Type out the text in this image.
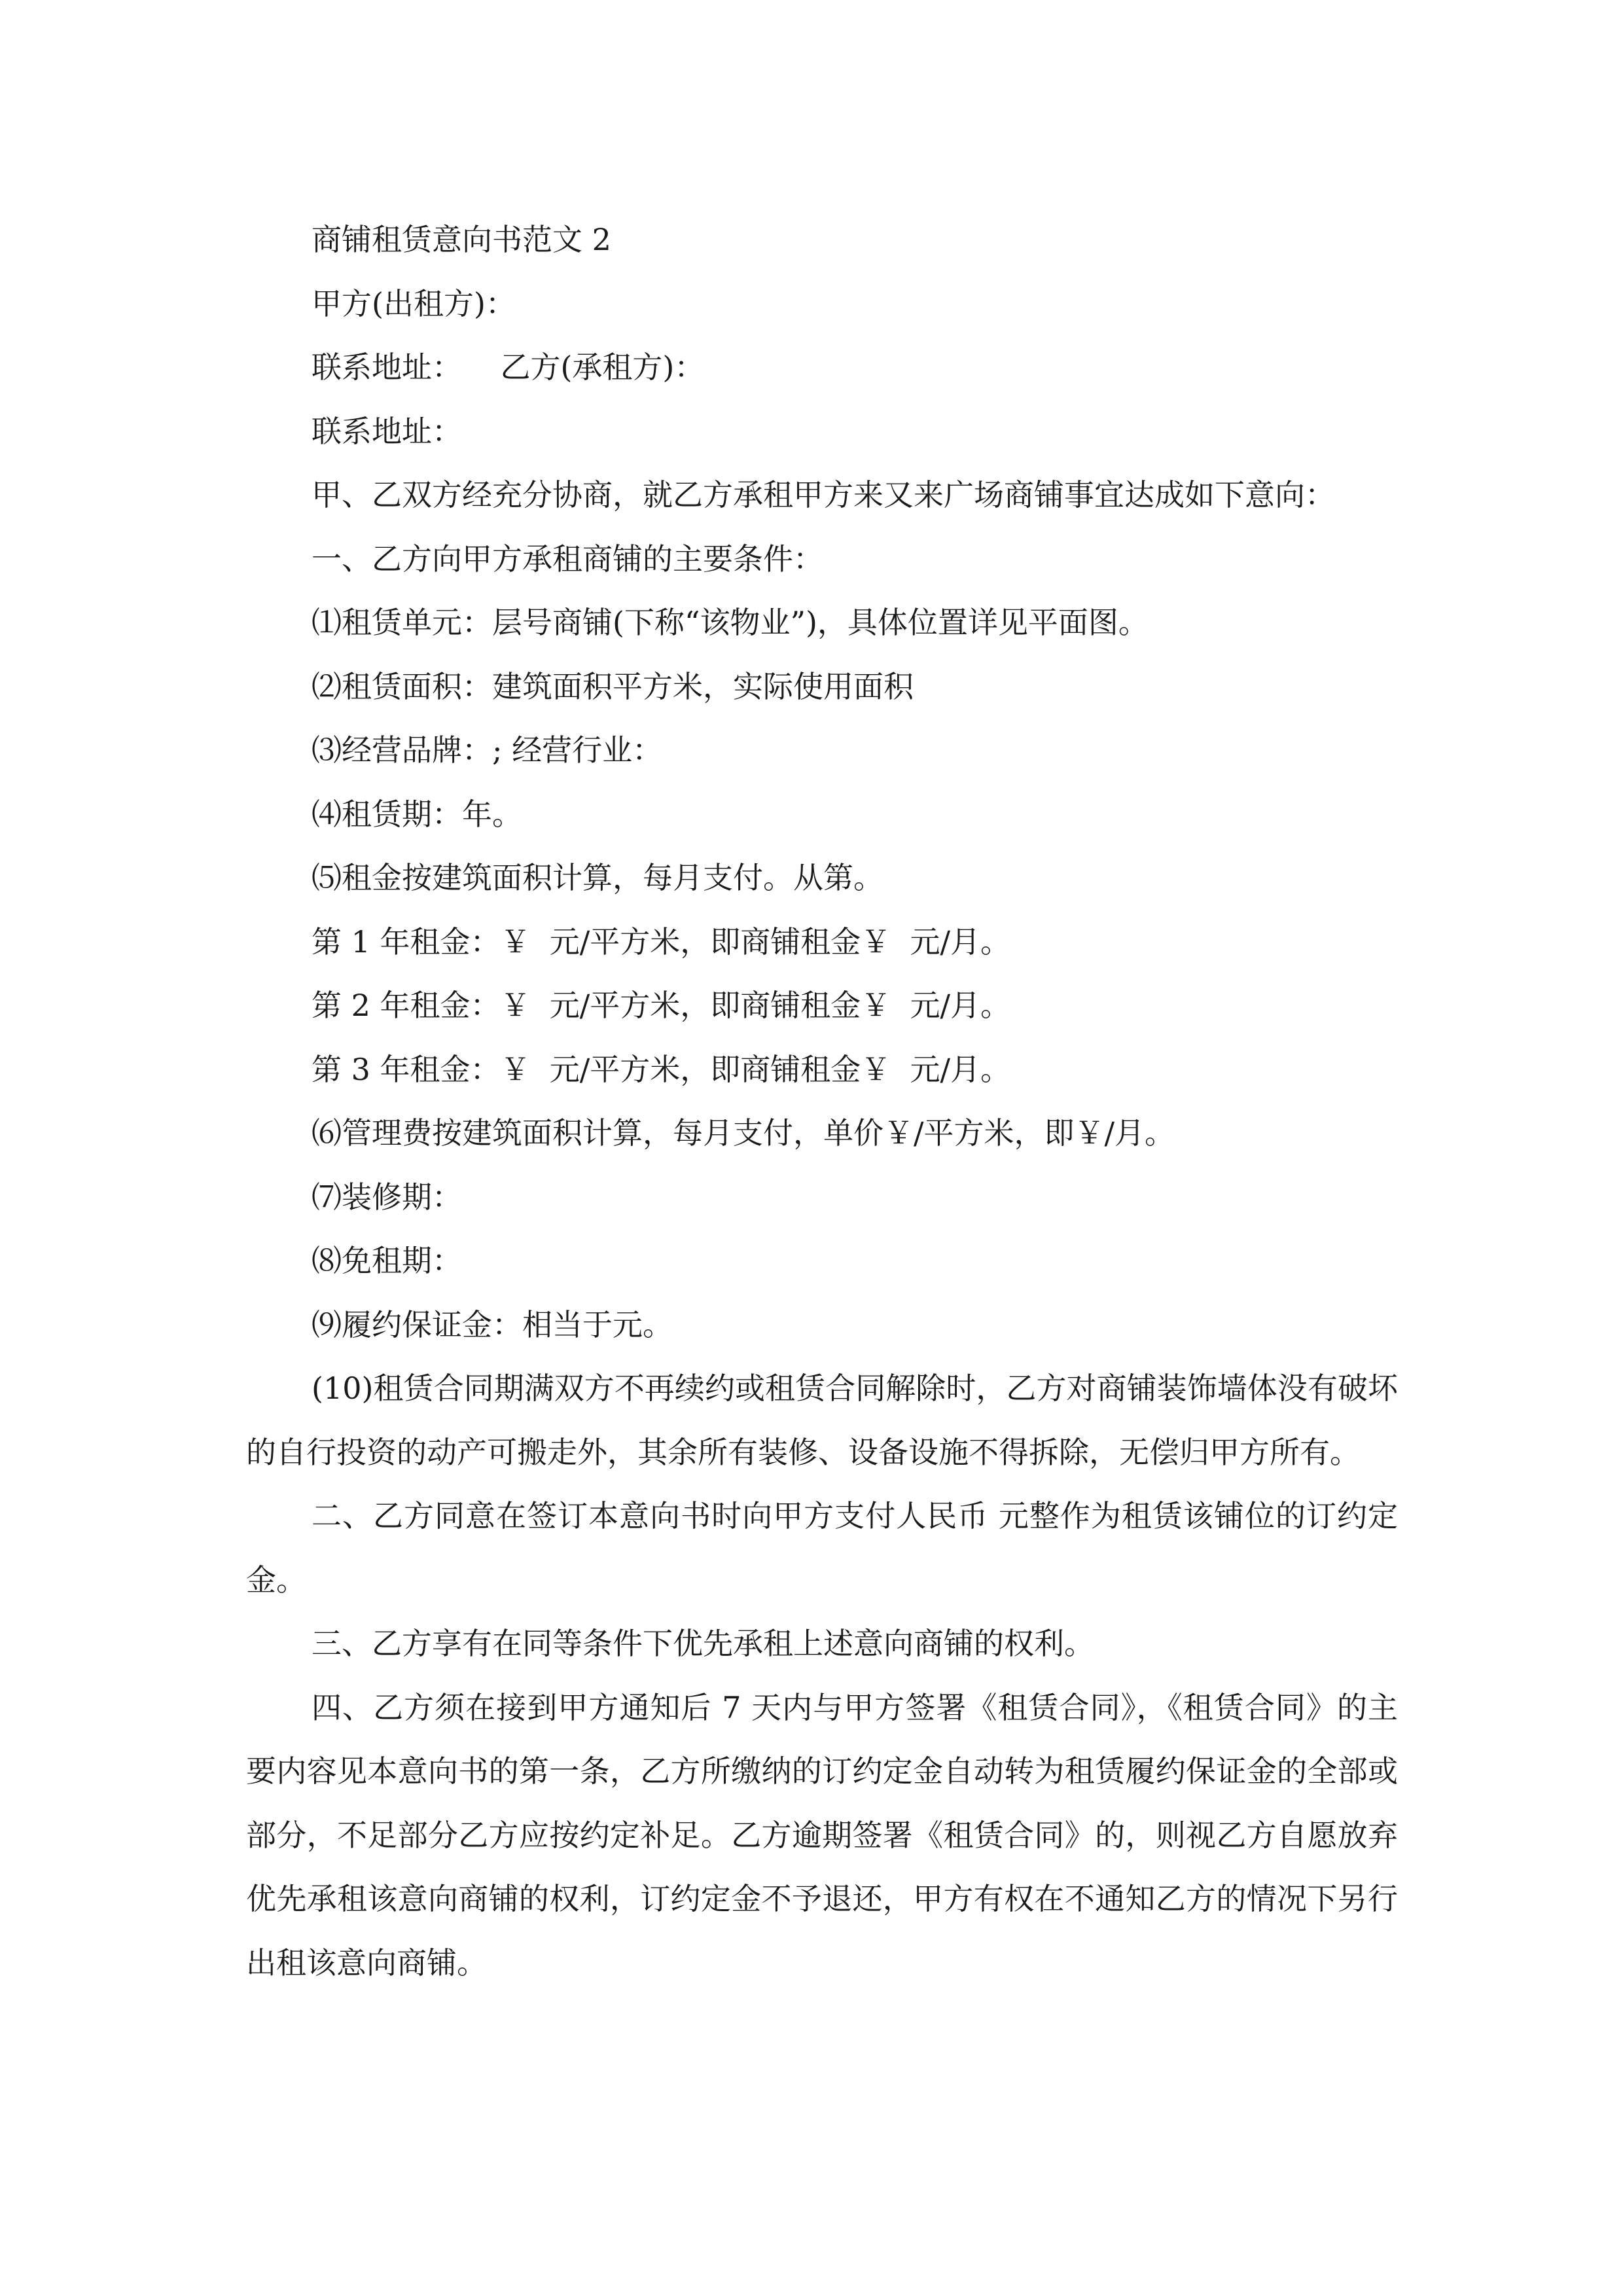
商铺租赁意向书范文 2
甲方(出租方)：
联系地址：    乙方(承租方)：
联系地址：
甲、乙双方经充分协商，就乙方承租甲方来又来广场商铺事宜达成如下意向：
一、乙方向甲方承租商铺的主要条件：
⑴租赁单元：层号商铺(下称“该物业”)，具体位置详见平面图。
⑵租赁面积：建筑面积平方米，实际使用面积
⑶经营品牌：; 经营行业：
⑷租赁期：年。
⑸租金按建筑面积计算，每月支付。从第。
第 1 年租金：￥  元/平方米，即商铺租金￥  元/月。
第 2 年租金：￥  元/平方米，即商铺租金￥  元/月。
第 3 年租金：￥  元/平方米，即商铺租金￥  元/月。
⑹管理费按建筑面积计算，每月支付，单价￥/平方米，即￥/月。
⑺装修期：
⑻免租期：
⑼履约保证金：相当于元。

(10)租赁合同期满双方不再续约或租赁合同解除时，乙方对商铺装饰墙体没有破坏的自行投资的动产可搬走外，其余所有装修、设备设施不得拆除，无偿归甲方所有。

二、乙方同意在签订本意向书时向甲方支付人民币 元整作为租赁该铺位的订约定金。

三、乙方享有在同等条件下优先承租上述意向商铺的权利。

四、乙方须在接到甲方通知后 7 天内与甲方签署《租赁合同》，《租赁合同》的主要内容见本意向书的第一条，乙方所缴纳的订约定金自动转为租赁履约保证金的全部或部分，不足部分乙方应按约定补足。乙方逾期签署《租赁合同》的，则视乙方自愿放弃优先承租该意向商铺的权利，订约定金不予退还，甲方有权在不通知乙方的情况下另行出租该意向商铺。
